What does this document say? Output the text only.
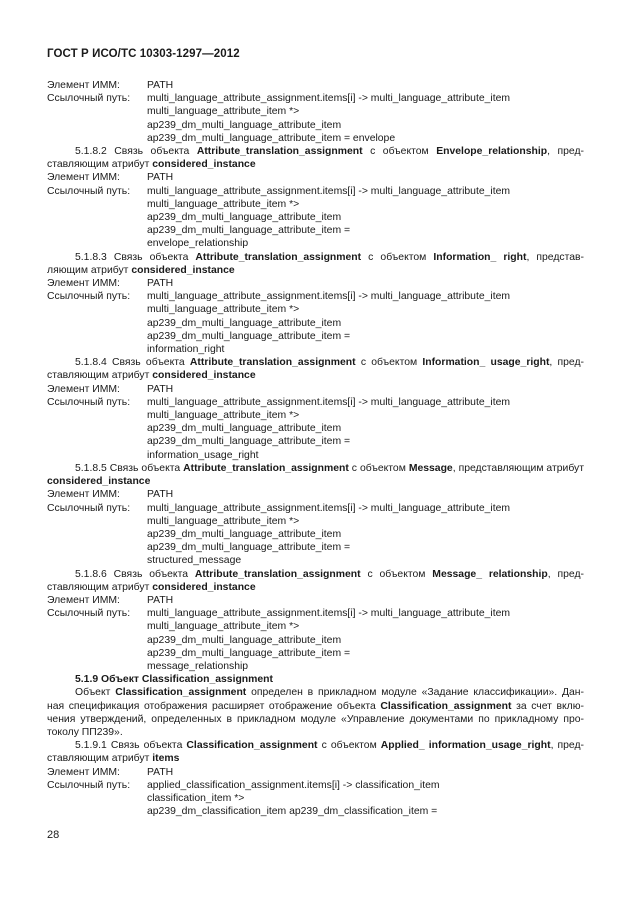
ГОСТ Р ИСО/ТС 10303-1297—2012
Элемент ИММ:	PATH
Ссылочный путь:	multi_language_attribute_assignment.items[i] -> multi_language_attribute_item
multi_language_attribute_item *>
ap239_dm_multi_language_attribute_item
ap239_dm_multi_language_attribute_item = envelope
5.1.8.2 Связь объекта Attribute_translation_assignment с объектом Envelope_relationship, пред-ставляющим атрибут considered_instance
Элемент ИММ:	PATH
Ссылочный путь:	multi_language_attribute_assignment.items[i] -> multi_language_attribute_item
multi_language_attribute_item *>
ap239_dm_multi_language_attribute_item
ap239_dm_multi_language_attribute_item =
envelope_relationship
5.1.8.3 Связь объекта Attribute_translation_assignment с объектом Information_ right, представ-ляющим атрибут considered_instance
Элемент ИММ:	PATH
Ссылочный путь:	multi_language_attribute_assignment.items[i] -> multi_language_attribute_item
multi_language_attribute_item *>
ap239_dm_multi_language_attribute_item
ap239_dm_multi_language_attribute_item =
information_right
5.1.8.4 Связь объекта Attribute_translation_assignment с объектом Information_ usage_right, пред-ставляющим атрибут considered_instance
Элемент ИММ:	PATH
Ссылочный путь:	multi_language_attribute_assignment.items[i] -> multi_language_attribute_item
multi_language_attribute_item *>
ap239_dm_multi_language_attribute_item
ap239_dm_multi_language_attribute_item =
information_usage_right
5.1.8.5 Связь объекта Attribute_translation_assignment с объектом Message, представляющим атрибут considered_instance
Элемент ИММ:	PATH
Ссылочный путь:	multi_language_attribute_assignment.items[i] -> multi_language_attribute_item
multi_language_attribute_item *>
ap239_dm_multi_language_attribute_item
ap239_dm_multi_language_attribute_item =
structured_message
5.1.8.6 Связь объекта Attribute_translation_assignment с объектом Message_ relationship, пред-ставляющим атрибут considered_instance
Элемент ИММ:	PATH
Ссылочный путь:	multi_language_attribute_assignment.items[i] -> multi_language_attribute_item
multi_language_attribute_item *>
ap239_dm_multi_language_attribute_item
ap239_dm_multi_language_attribute_item =
message_relationship
5.1.9 Объект Classification_assignment
Объект Classification_assignment определен в прикладном модуле «Задание классификации». Дан-ная спецификация отображения расширяет отображение объекта Classification_assignment за счет вклю-чения утверждений, определенных в прикладном модуле «Управление документами по прикладному про-токолу ПП239».
5.1.9.1 Связь объекта Classification_assignment с объектом Applied_ information_usage_right, пред-ставляющим атрибут items
Элемент ИММ:	PATH
Ссылочный путь:	applied_classification_assignment.items[i] -> classification_item
classification_item *>
ap239_dm_classification_item ap239_dm_classification_item =
28
